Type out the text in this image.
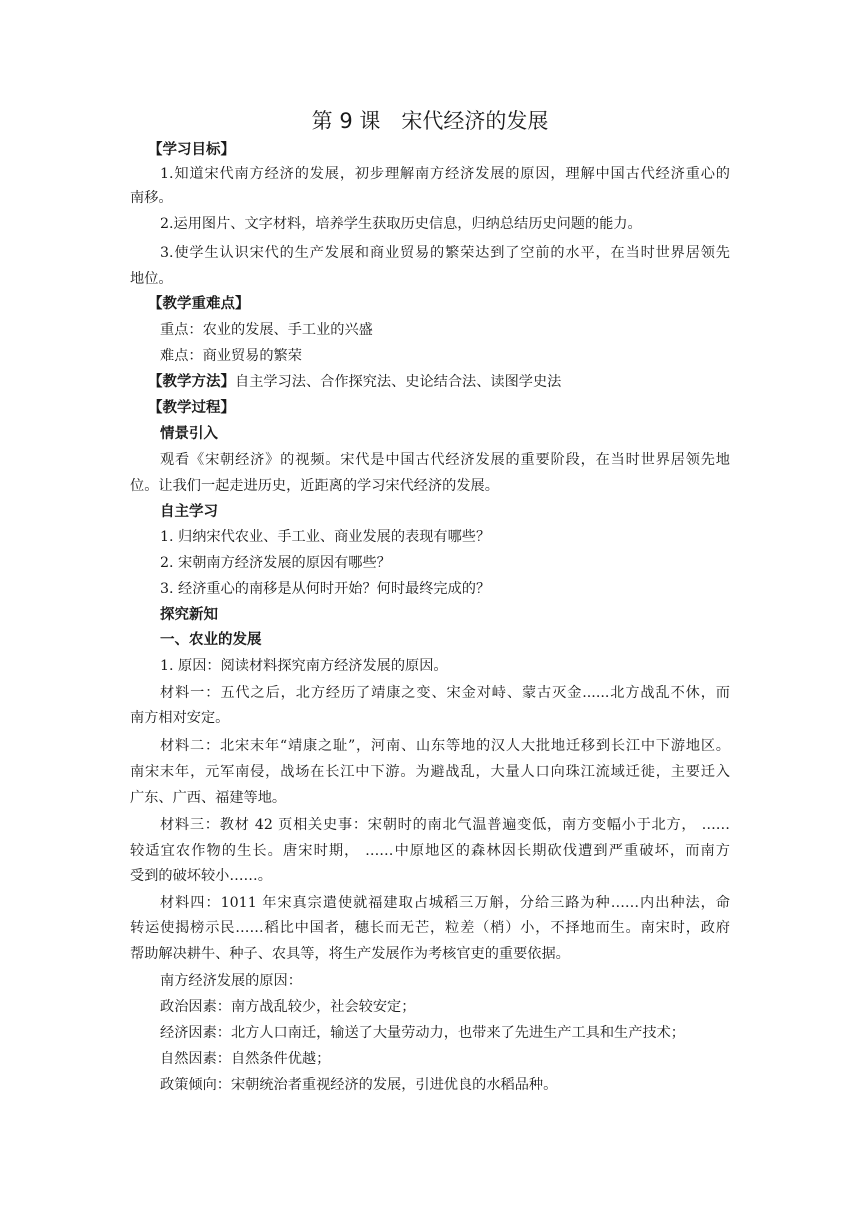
第 9 课　宋代经济的发展
【学习目标】
1.知道宋代南方经济的发展，初步理解南方经济发展的原因，理解中国古代经济重心的
南移。
2.运用图片、文字材料，培养学生获取历史信息，归纳总结历史问题的能力。
3.使学生认识宋代的生产发展和商业贸易的繁荣达到了空前的水平，在当时世界居领先
地位。
【教学重难点】
重点：农业的发展、手工业的兴盛
难点：商业贸易的繁荣
【教学方法】自主学习法、合作探究法、史论结合法、读图学史法
【教学过程】
情景引入
观看《宋朝经济》的视频。宋代是中国古代经济发展的重要阶段，在当时世界居领先地
位。让我们一起走进历史，近距离的学习宋代经济的发展。
自主学习
1. 归纳宋代农业、手工业、商业发展的表现有哪些？
2. 宋朝南方经济发展的原因有哪些？
3. 经济重心的南移是从何时开始？何时最终完成的？
探究新知
一、农业的发展
1. 原因：阅读材料探究南方经济发展的原因。
材料一：五代之后，北方经历了靖康之变、宋金对峙、蒙古灭金......北方战乱不休，而
南方相对安定。
材料二：北宋末年“靖康之耻”，河南、山东等地的汉人大批地迁移到长江中下游地区。
南宋末年，元军南侵，战场在长江中下游。为避战乱，大量人口向珠江流域迁徙，主要迁入
广东、广西、福建等地。
材料三：教材 42 页相关史事：宋朝时的南北气温普遍变低，南方变幅小于北方， ……
较适宜农作物的生长。唐宋时期， ……中原地区的森林因长期砍伐遭到严重破坏，而南方
受到的破坏较小……。
材料四：1011 年宋真宗遣使就福建取占城稻三万斛，分给三路为种……内出种法，命
转运使揭榜示民……稻比中国者，穗长而无芒，粒差（梢）小，不择地而生。南宋时，政府
帮助解决耕牛、种子、农具等，将生产发展作为考核官吏的重要依据。
南方经济发展的原因：
政治因素：南方战乱较少，社会较安定；
经济因素：北方人口南迁，输送了大量劳动力，也带来了先进生产工具和生产技术；
自然因素：自然条件优越；
政策倾向：宋朝统治者重视经济的发展，引进优良的水稻品种。
